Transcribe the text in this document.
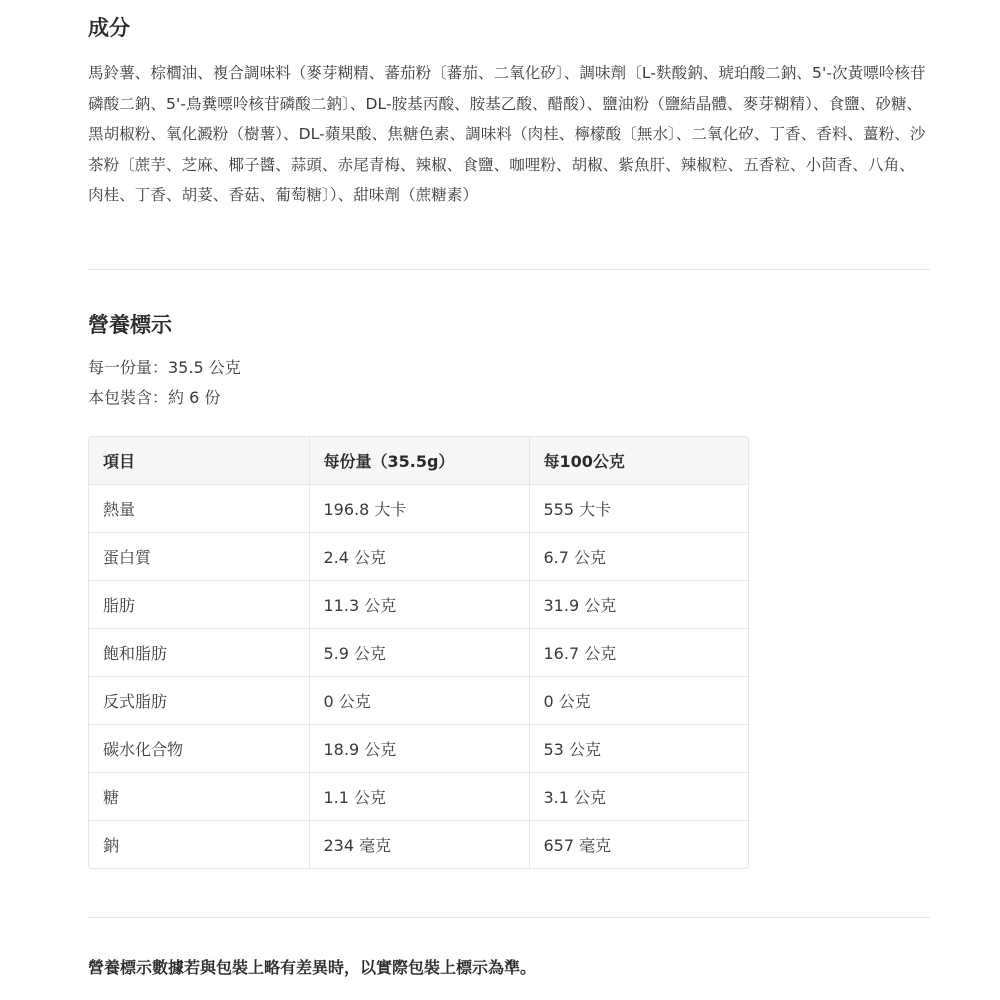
成分

馬鈴薯、棕櫚油、複合調味料（麥芽糊精、蕃茄粉〔蕃茄、二氧化矽〕、調味劑〔L-麩酸鈉、琥珀酸二鈉、5'-次黃嘌呤核苷磷酸二鈉、5'-鳥糞嘌呤核苷磷酸二鈉〕、DL-胺基丙酸、胺基乙酸、醋酸）、鹽油粉（鹽結晶體、麥芽糊精）、食鹽、砂糖、黑胡椒粉、氧化澱粉（樹薯）、DL-蘋果酸、焦糖色素、調味料（肉桂、檸檬酸〔無水〕、二氧化矽、丁香、香料、薑粉、沙茶粉〔蔗芋、芝麻、椰子醬、蒜頭、赤尾青梅、辣椒、食鹽、咖哩粉、胡椒、紫魚肝、辣椒粒、五香粒、小茴香、八角、肉桂、丁香、胡荽、香菇、葡萄糖〕）、甜味劑（蔗糖素）

營養標示
每一份量：35.5 公克
本包裝含：約 6 份
項目	每份量（35.5g）	每100公克
熱量	196.8 大卡	555 大卡
蛋白質	2.4 公克	6.7 公克
脂肪	11.3 公克	31.9 公克
飽和脂肪	5.9 公克	16.7 公克
反式脂肪	0 公克	0 公克
碳水化合物	18.9 公克	53 公克
糖	1.1 公克	3.1 公克
鈉	234 毫克	657 毫克

營養標示數據若與包裝上略有差異時，以實際包裝上標示為準。
